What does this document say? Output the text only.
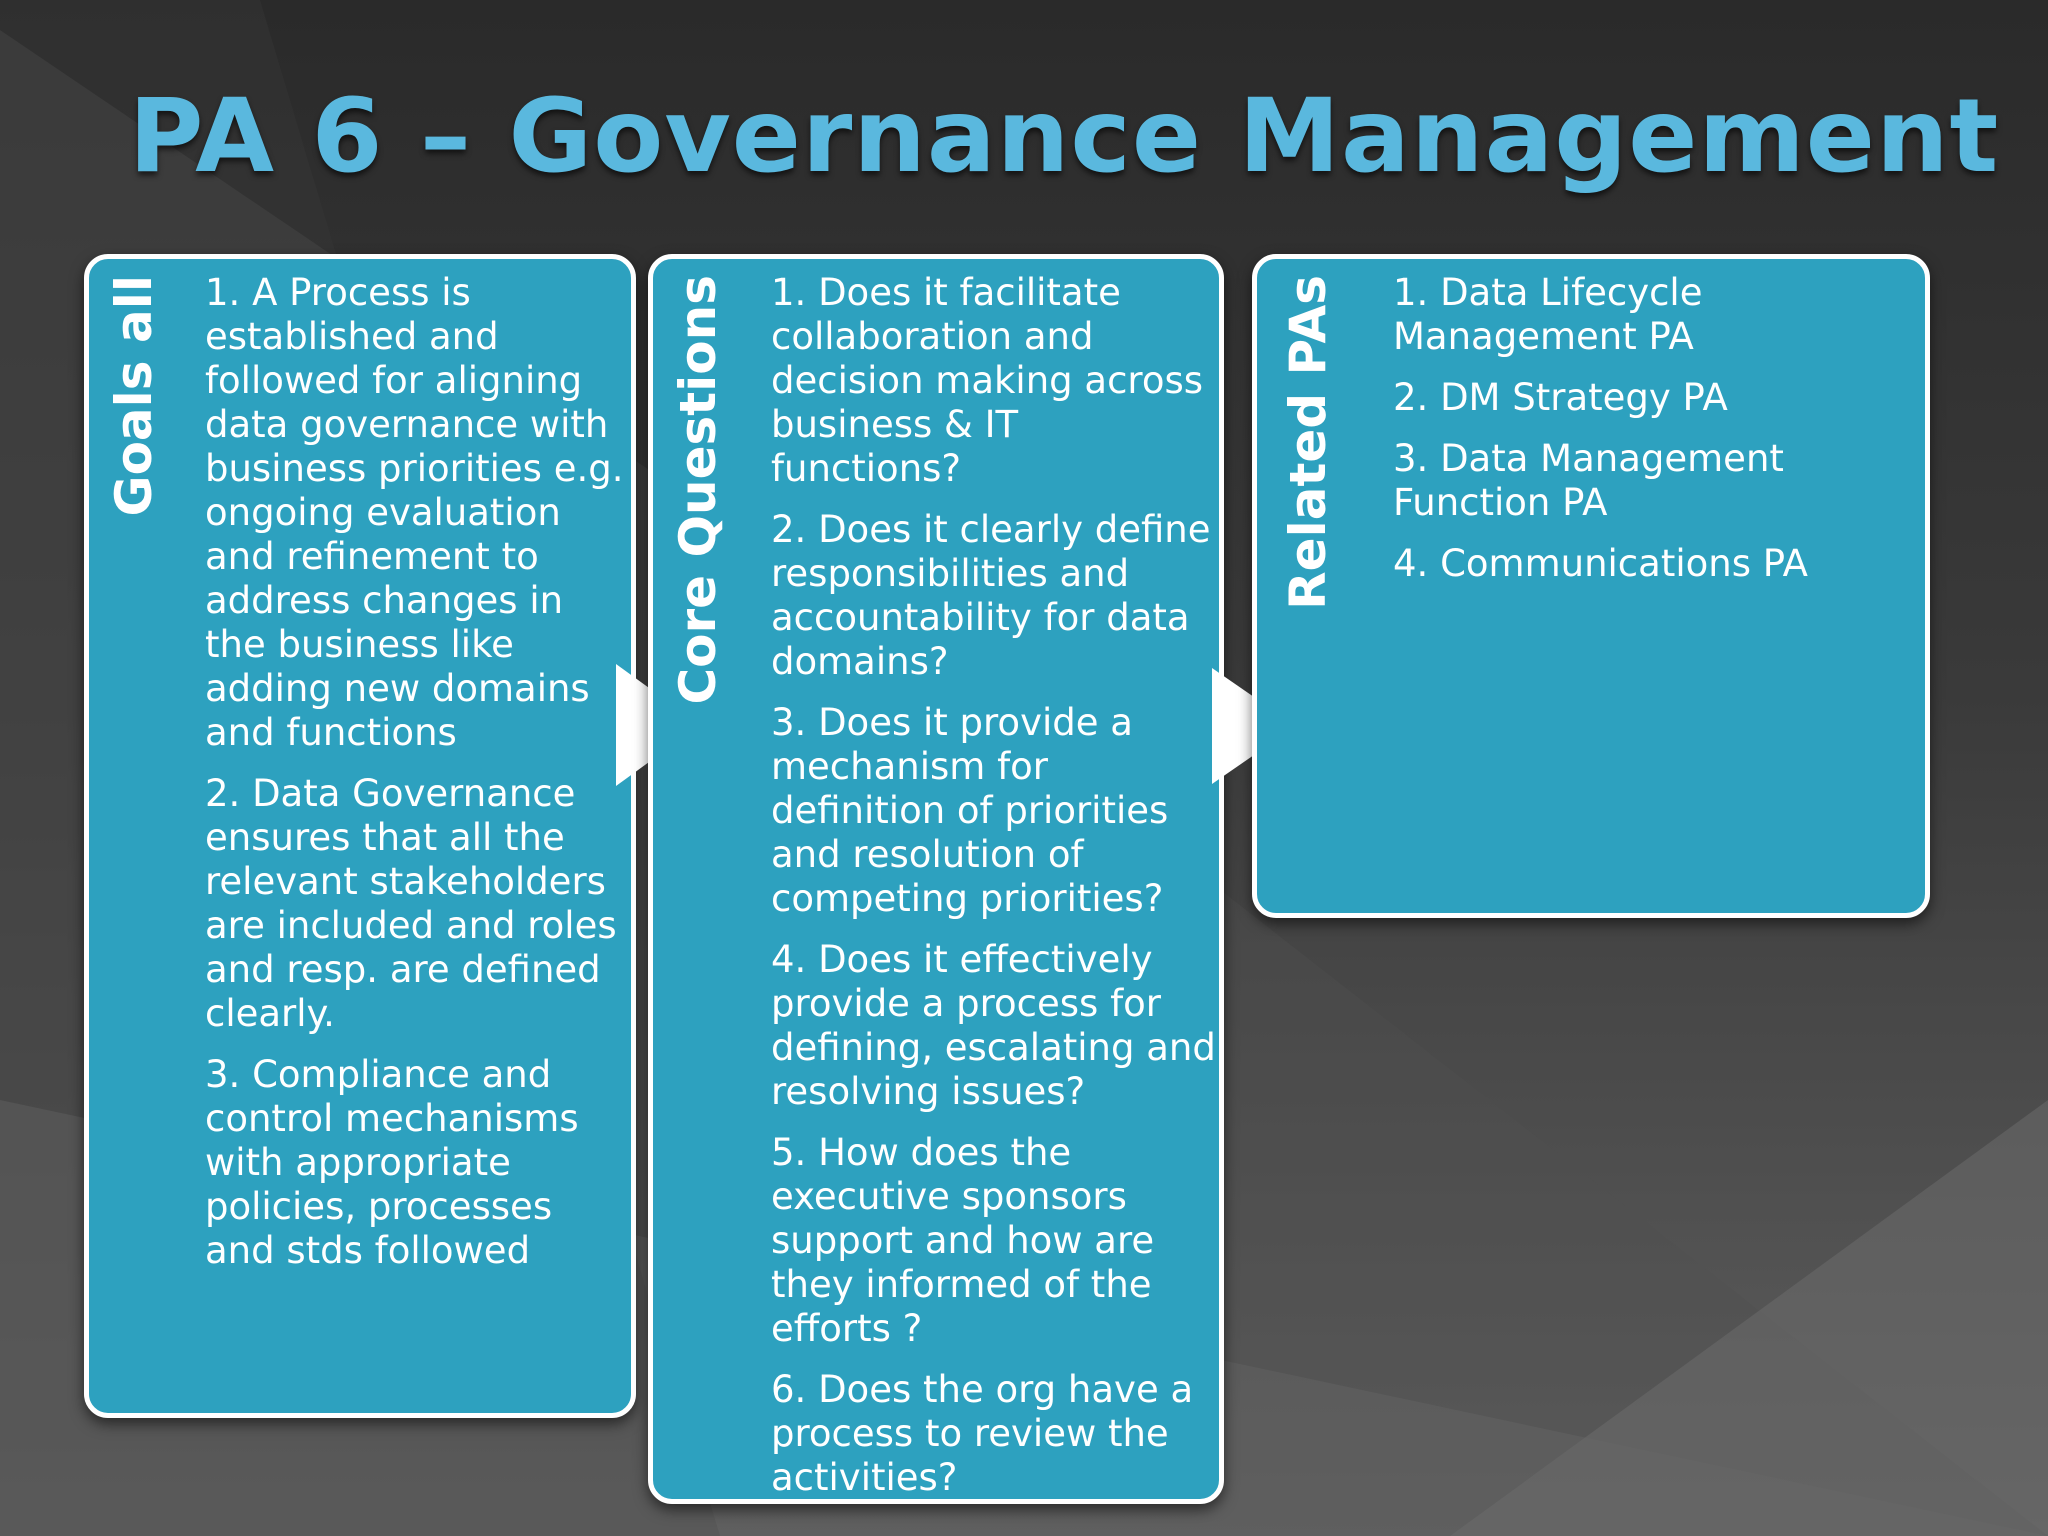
PA 6 – Governance Management
Goals all 1. A Process is established and followed for aligning data governance with business priorities e.g. ongoing evaluation and refinement to address changes in the business like adding new domains and functions
2. Data Governance ensures that all the relevant stakeholders are included and roles and resp. are defined clearly.
3. Compliance and control mechanisms with appropriate policies, processes and stds followed
Core Questions 1. Does it facilitate collaboration and decision making across business & IT functions?
2. Does it clearly define responsibilities and accountability for data domains?
3. Does it provide a mechanism for definition of priorities and resolution of competing priorities?
4. Does it effectively provide a process for defining, escalating and resolving issues?
5. How does the executive sponsors support and how are they informed of the efforts ?
6. Does the org have a process to review the activities?
Related PAs 1. Data Lifecycle Management PA
2. DM Strategy PA
3. Data Management Function PA
4. Communications PA
